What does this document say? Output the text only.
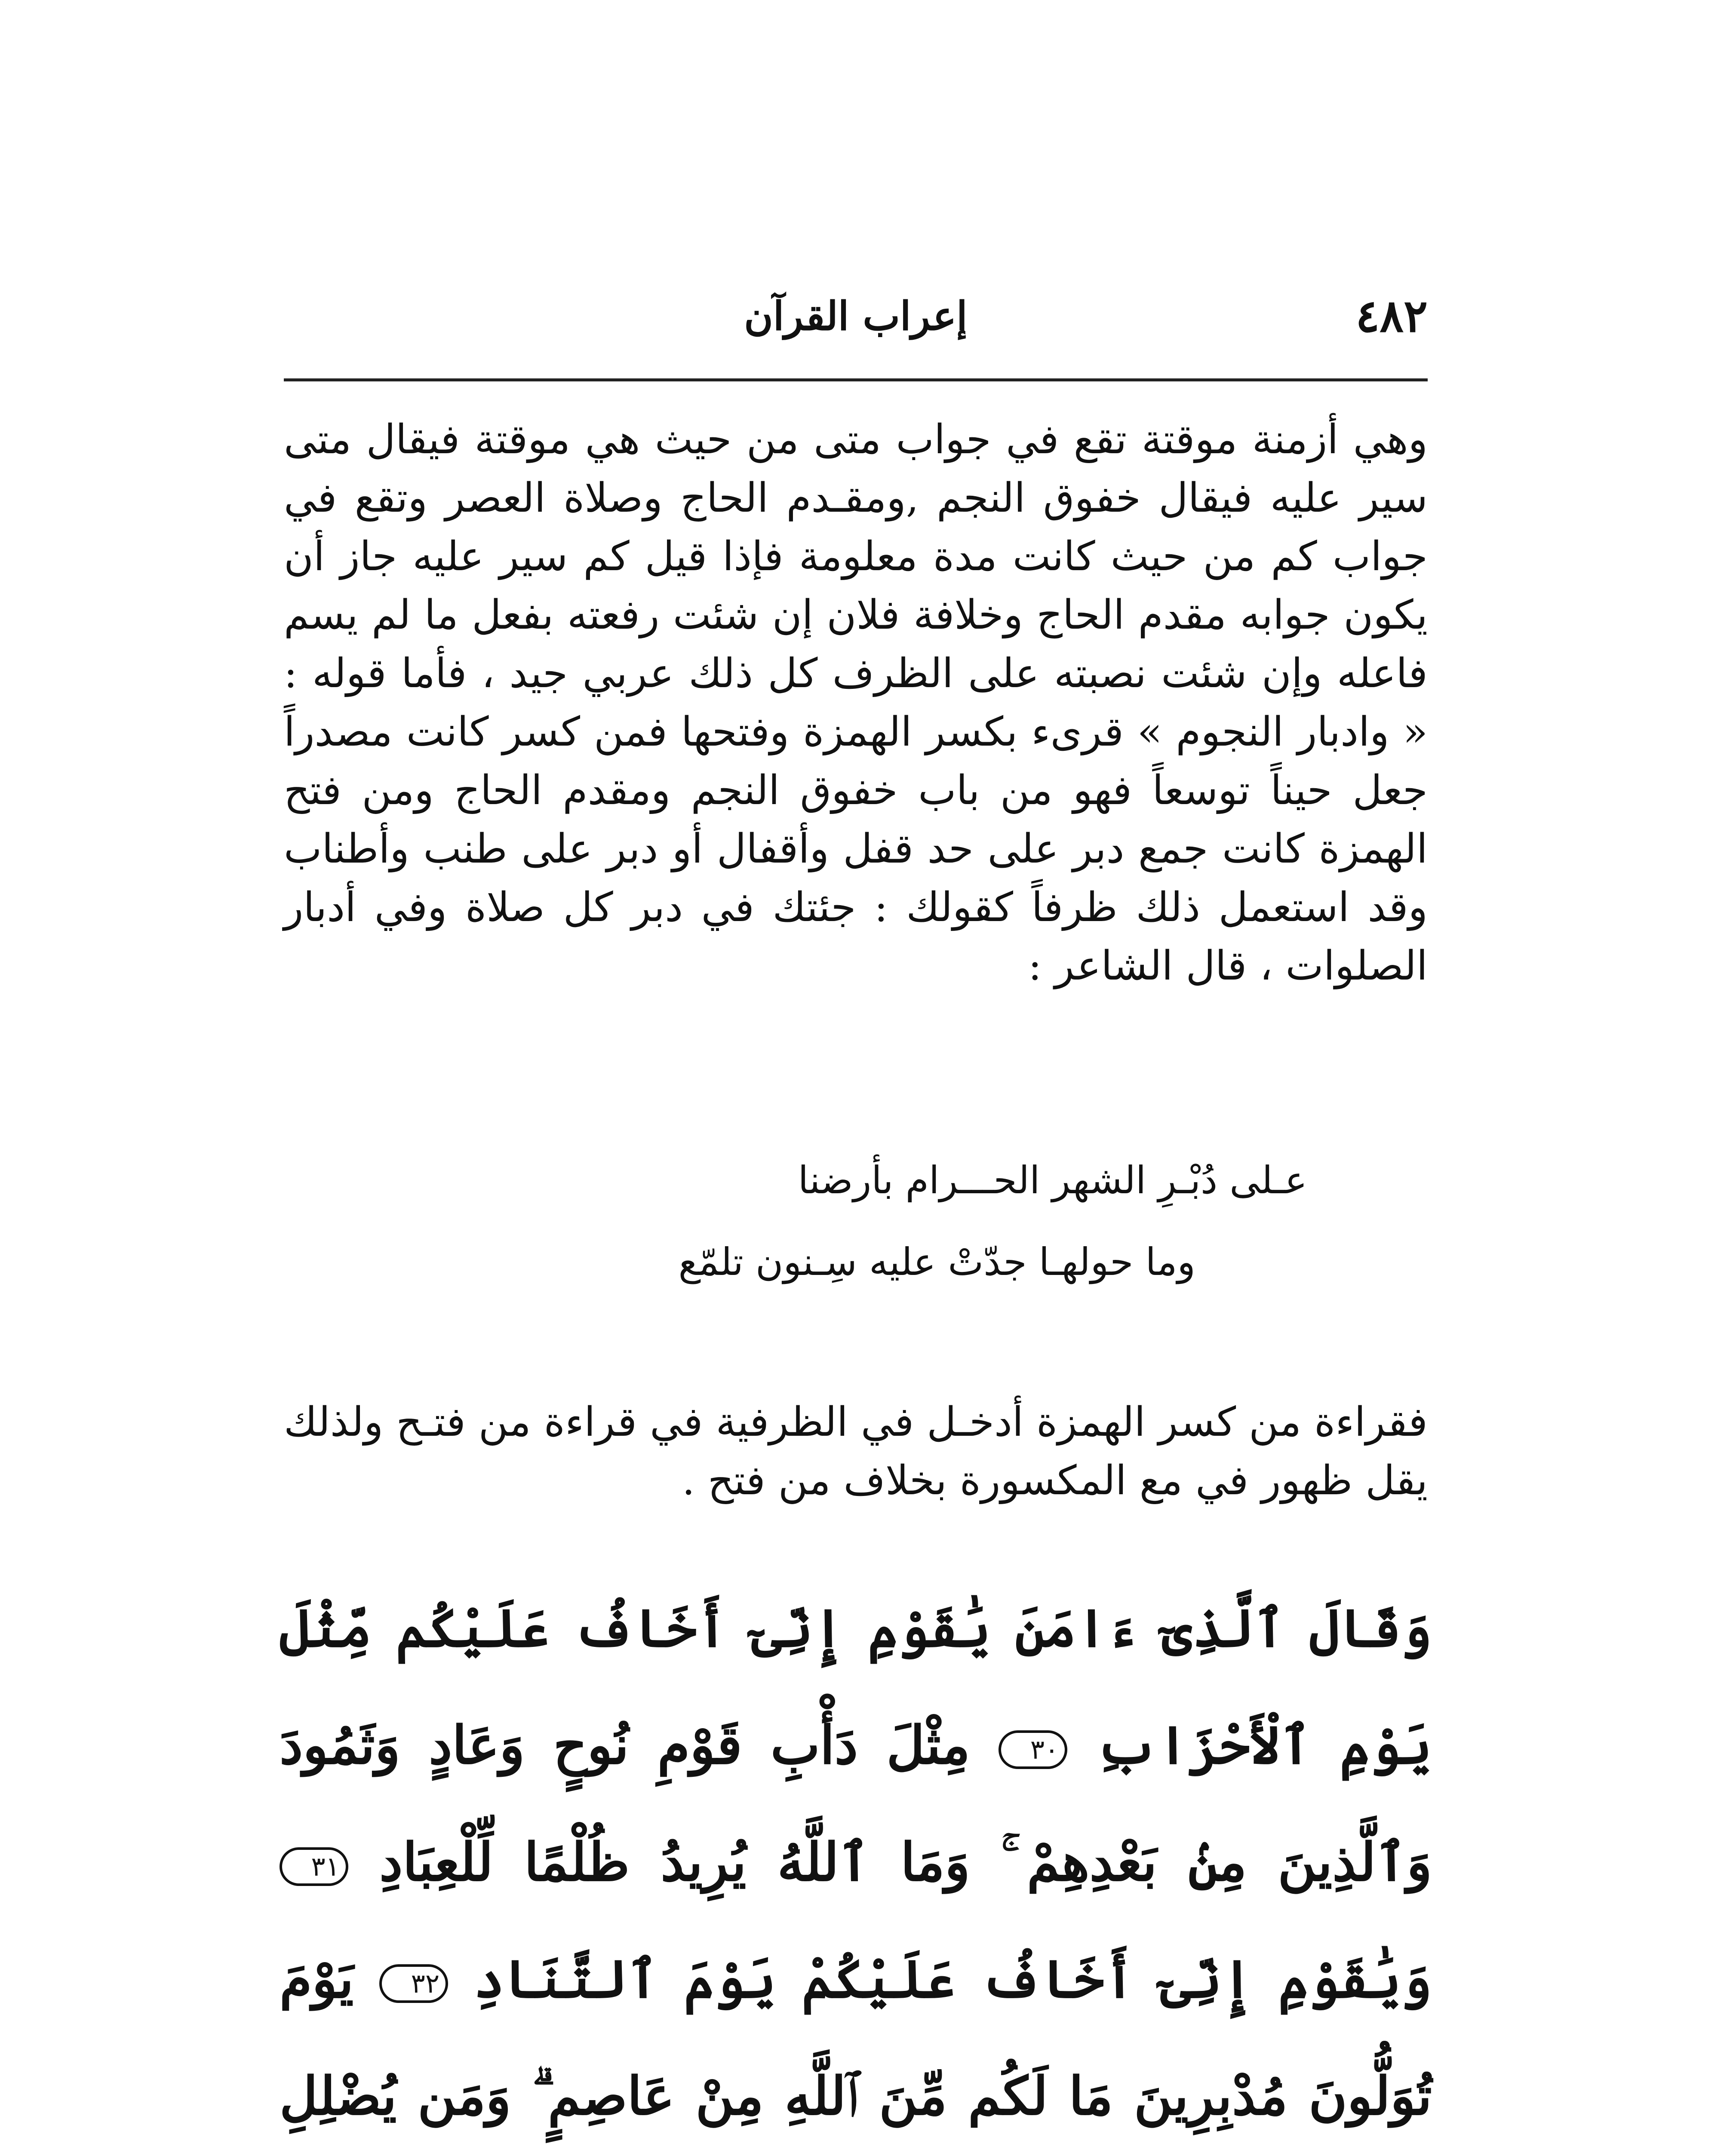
٤٨٢
إعراب القرآن

وهي أزمنة موقتة تقع في جواب متى من حيث هي موقتة فيقال متى سير عليه فيقال خفوق النجم ,ومقـدم الحاج وصلاة العصر وتقع في جواب كم من حيث كانت مدة معلومة فإذا قيل كم سير عليه جاز أن يكون جوابه مقدم الحاج وخلافة فلان إن شئت رفعته بفعل ما لم يسم فاعله وإن شئت نصبته على الظرف كل ذلك عربي جيد ، فأما قوله : « وادبار النجوم » قرىء بكسر الهمزة وفتحها فمن كسر كانت مصدراً جعل حيناً توسعاً فهو من باب خفوق النجم ومقدم الحاج ومن فتح الهمزة كانت جمع دبر على حد قفل وأقفال أو دبر على طنب وأطناب وقد استعمل ذلك ظرفاً كقولك : جئتك في دبر كل صلاة وفي أدبار الصلوات ، قال الشاعر :

عـلى دُبْـرِ الشهر الحـــرام بأرضنا
وما حولهـا جدّتْ عليه سِـنون تلمّع

فقراءة من كسر الهمزة أدخـل في الظرفية في قراءة من فتـح ولذلك يقل ظهور في مع المكسورة بخلاف من فتح .

وَقَالَ ٱلَّذِىٓ ءَامَنَ يَٰقَوْمِ إِنِّىٓ أَخَافُ عَلَيْكُم مِّثْلَ يَوْمِ ٱلْأَحْزَابِ ٣٠ مِثْلَ دَأْبِ قَوْمِ نُوحٍ وَعَادٍ وَثَمُودَ وَٱلَّذِينَ مِنۢ بَعْدِهِمْ ۚ وَمَا ٱللَّهُ يُرِيدُ ظُلْمًا لِّلْعِبَادِ ٣١ وَيَٰقَوْمِ إِنِّىٓ أَخَافُ عَلَيْكُمْ يَوْمَ ٱلتَّنَادِ ٣٢ يَوْمَ تُوَلُّونَ مُدْبِرِينَ مَا لَكُم مِّنَ ٱللَّهِ مِنْ عَاصِمٍ ۗ وَمَن يُضْلِلِ
